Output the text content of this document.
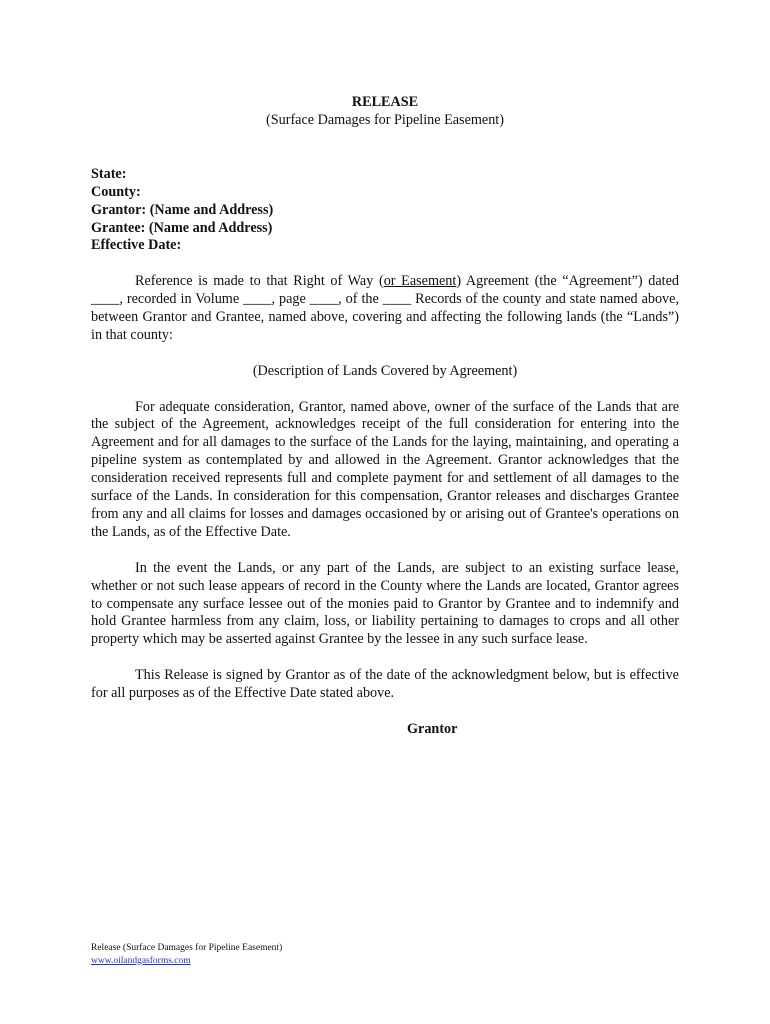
RELEASE

(Surface Damages for Pipeline Easement)

State:

County:

Grantor: (Name and Address)

Grantee: (Name and Address)

Effective Date:

Reference is made to that Right of Way (or Easement) Agreement (the “Agreement”) dated ____, recorded in Volume ____, page ____, of the ____ Records of the county and state named above, between Grantor and Grantee, named above, covering and affecting the following lands (the “Lands”) in that county:

(Description of Lands Covered by Agreement)

For adequate consideration, Grantor, named above, owner of the surface of the Lands that are the subject of the Agreement, acknowledges receipt of the full consideration for entering into the Agreement and for all damages to the surface of the Lands for the laying, maintaining, and operating a pipeline system as contemplated by and allowed in the Agreement. Grantor acknowledges that the consideration received represents full and complete payment for and settlement of all damages to the surface of the Lands. In consideration for this compensation, Grantor releases and discharges Grantee from any and all claims for losses and damages occasioned by or arising out of Grantee's operations on the Lands, as of the Effective Date.

In the event the Lands, or any part of the Lands, are subject to an existing surface lease, whether or not such lease appears of record in the County where the Lands are located, Grantor agrees to compensate any surface lessee out of the monies paid to Grantor by Grantee and to indemnify and hold Grantee harmless from any claim, loss, or liability pertaining to damages to crops and all other property which may be asserted against Grantee by the lessee in any such surface lease.

This Release is signed by Grantor as of the date of the acknowledgment below, but is effective for all purposes as of the Effective Date stated above.

Grantor

Release (Surface Damages for Pipeline Easement)
www.oilandgasforms.com
